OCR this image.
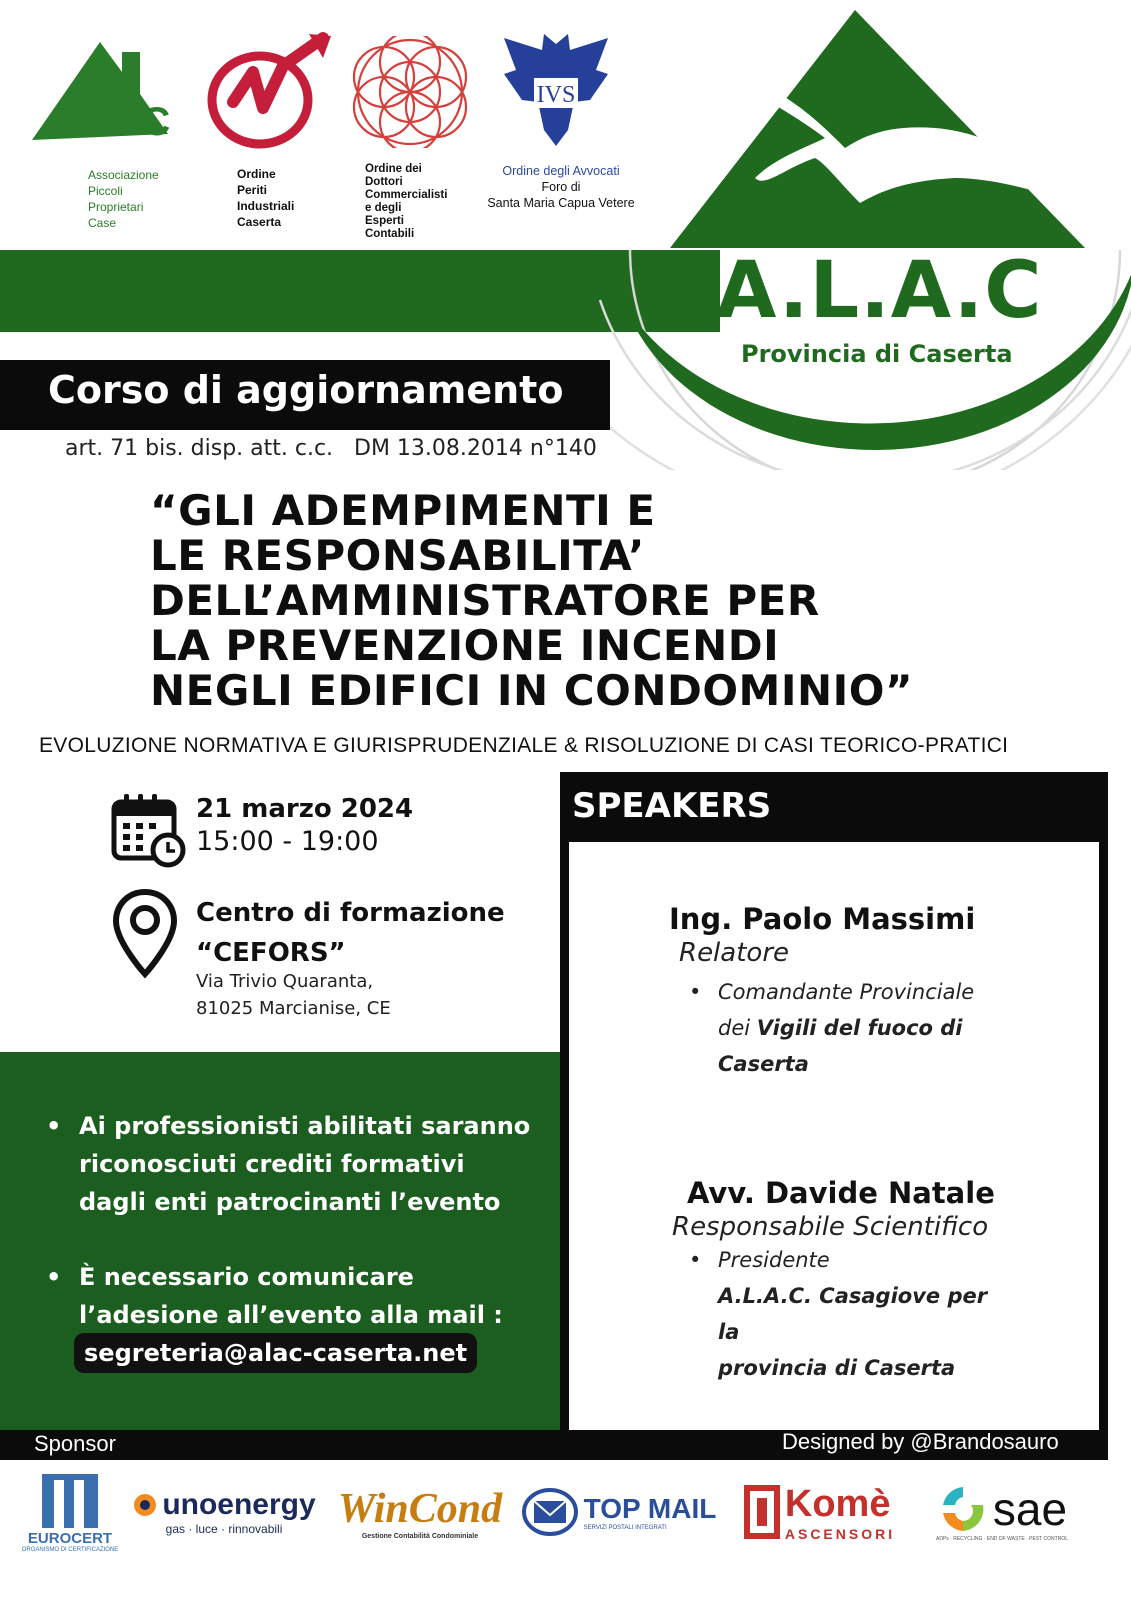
PPC
Associazione
Piccoli
Proprietari
Case
Ordine
Periti
Industriali
Caserta
Ordine dei
Dottori
Commercialisti
e degli
Esperti
Contabili
IVS
Ordine degli Avvocati
Foro di
Santa Maria Capua Vetere
A.L.A.C
Provincia di Caserta
Corso di aggiornamento
art. 71 bis. disp. att. c.c.   DM 13.08.2014 n°140
“GLI ADEMPIMENTI E
LE RESPONSABILITA’
DELL’AMMINISTRATORE PER
LA PREVENZIONE INCENDI
NEGLI EDIFICI IN CONDOMINIO”
EVOLUZIONE NORMATIVA E GIURISPRUDENZIALE & RISOLUZIONE DI CASI TEORICO-PRATICI
21 marzo 2024
15:00 - 19:00
Centro di formazione
“CEFORS”
Via Trivio Quaranta,
81025 Marcianise, CE
• Ai professionisti abilitati saranno
riconosciuti crediti formativi
dagli enti patrocinanti l’evento
• È necessario comunicare
l’adesione all’evento alla mail :
segreteria@alac-caserta.net
SPEAKERS
Ing. Paolo Massimi
Relatore
• Comandante Provinciale
dei Vigili del fuoco di
Caserta
Avv. Davide Natale
Responsabile Scientifico
• Presidente
A.L.A.C. Casagiove per la
provincia di Caserta
Sponsor	Designed by @Brandosauro
EUROCERT
ORGANISMO DI CERTIFICAZIONE
unoenergy
gas · luce · rinnovabili WinCond
Gestione Contabilità Condominiale
TOP MAIL
SERVIZI POSTALI INTEGRATI
Komè
ASCENSORI sae
ADPs · RECYCLING · END OF WASTE · PEST CONTROL
